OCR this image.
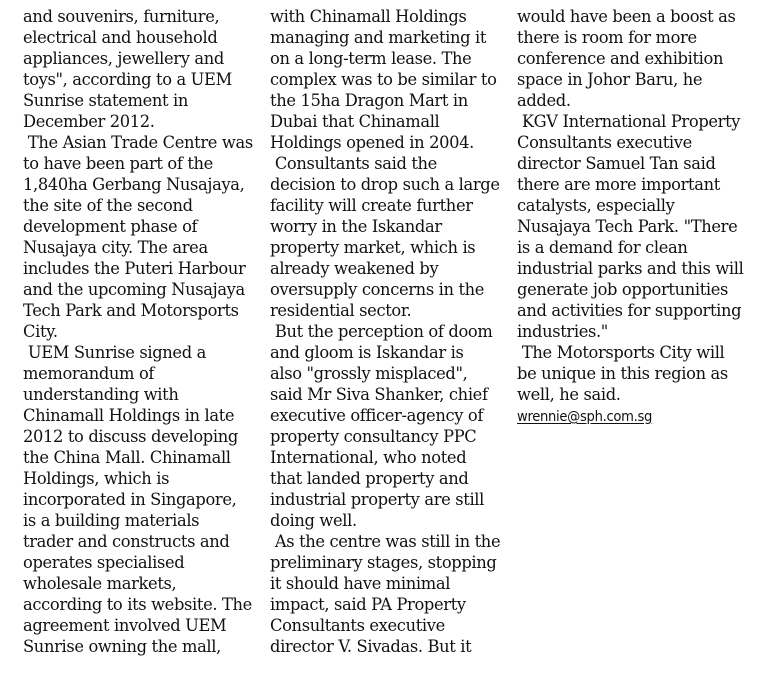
and souvenirs, furniture,
electrical and household
appliances, jewellery and
toys", according to a UEM
Sunrise statement in
December 2012.
The Asian Trade Centre was
to have been part of the
1,840ha Gerbang Nusajaya,
the site of the second
development phase of
Nusajaya city. The area
includes the Puteri Harbour
and the upcoming Nusajaya
Tech Park and Motorsports
City.
UEM Sunrise signed a
memorandum of
understanding with
Chinamall Holdings in late
2012 to discuss developing
the China Mall. Chinamall
Holdings, which is
incorporated in Singapore,
is a building materials
trader and constructs and
operates specialised
wholesale markets,
according to its website. The
agreement involved UEM
Sunrise owning the mall,
with Chinamall Holdings
managing and marketing it
on a long-term lease. The
complex was to be similar to
the 15ha Dragon Mart in
Dubai that Chinamall
Holdings opened in 2004.
Consultants said the
decision to drop such a large
facility will create further
worry in the Iskandar
property market, which is
already weakened by
oversupply concerns in the
residential sector.
But the perception of doom
and gloom is Iskandar is
also "grossly misplaced",
said Mr Siva Shanker, chief
executive officer-agency of
property consultancy PPC
International, who noted
that landed property and
industrial property are still
doing well.
As the centre was still in the
preliminary stages, stopping
it should have minimal
impact, said PA Property
Consultants executive
director V. Sivadas. But it
would have been a boost as
there is room for more
conference and exhibition
space in Johor Baru, he
added.
KGV International Property
Consultants executive
director Samuel Tan said
there are more important
catalysts, especially
Nusajaya Tech Park. "There
is a demand for clean
industrial parks and this will
generate job opportunities
and activities for supporting
industries."
The Motorsports City will
be unique in this region as
well, he said.
wrennie@sph.com.sg
